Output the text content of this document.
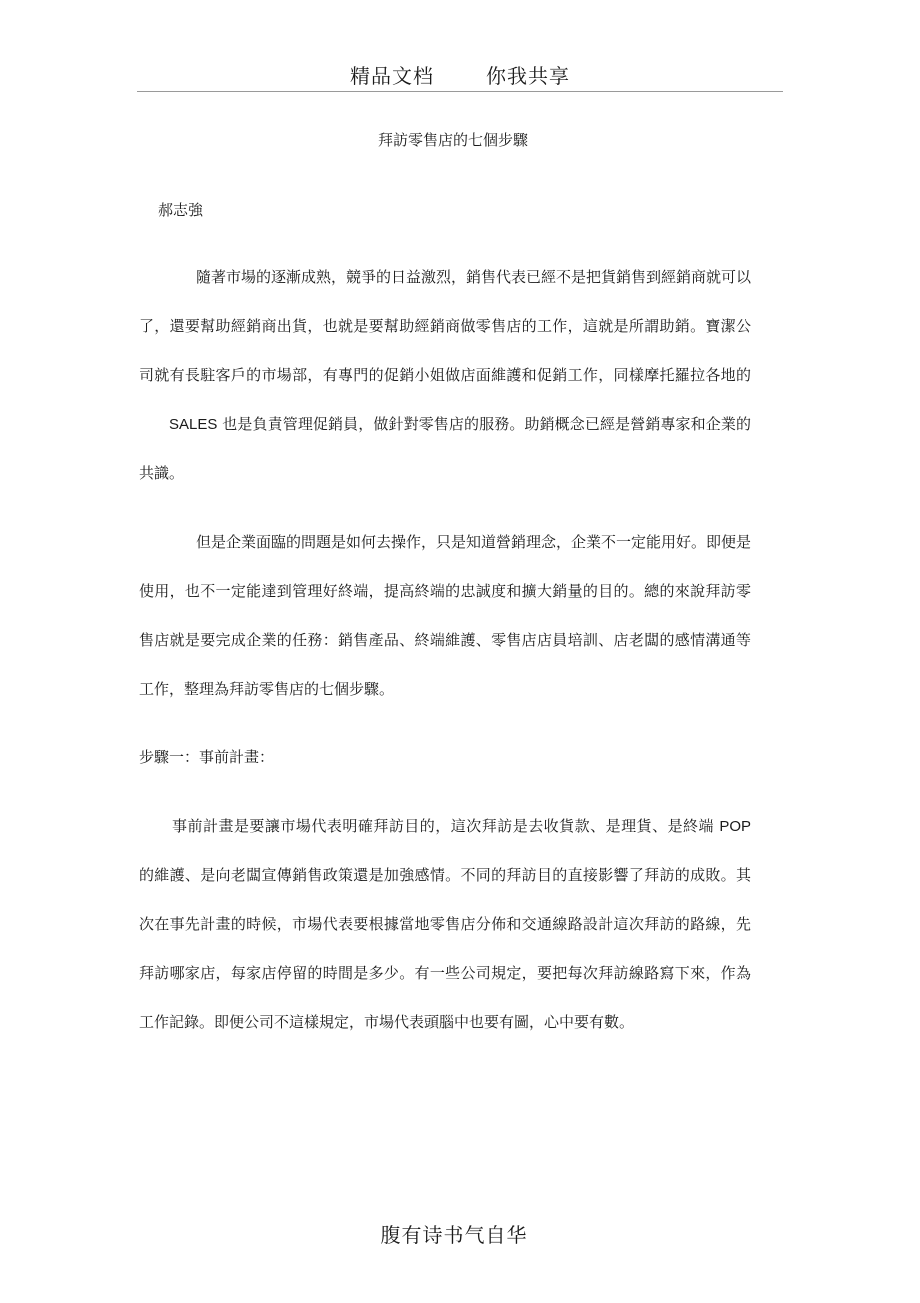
精品文档	你我共享
拜訪零售店的七個步驟
郝志強

隨著市場的逐漸成熟，競爭的日益激烈，銷售代表已經不是把貨銷售到經銷商就可以了，還要幫助經銷商出貨，也就是要幫助經銷商做零售店的工作，這就是所謂助銷。寶潔公司就有長駐客戶的市場部，有專門的促銷小姐做店面維護和促銷工作，同樣摩托羅拉各地的SALES 也是負責管理促銷員，做針對零售店的服務。助銷概念已經是營銷專家和企業的共識。

但是企業面臨的問題是如何去操作，只是知道營銷理念，企業不一定能用好。即便是使用，也不一定能達到管理好終端，提高終端的忠誠度和擴大銷量的目的。總的來說拜訪零售店就是要完成企業的任務：銷售產品、終端維護、零售店店員培訓、店老闆的感情溝通等工作，整理為拜訪零售店的七個步驟。

步驟一：事前計畫：

事前計畫是要讓市場代表明確拜訪目的，這次拜訪是去收貨款、是理貨、是終端 POP 的維護、是向老闆宣傳銷售政策還是加強感情。不同的拜訪目的直接影響了拜訪的成敗。其次在事先計畫的時候，市場代表要根據當地零售店分佈和交通線路設計這次拜訪的路線，先拜訪哪家店，每家店停留的時間是多少。有一些公司規定，要把每次拜訪線路寫下來，作為工作記錄。即便公司不這樣規定，市場代表頭腦中也要有圖，心中要有數。

腹有诗书气自华
